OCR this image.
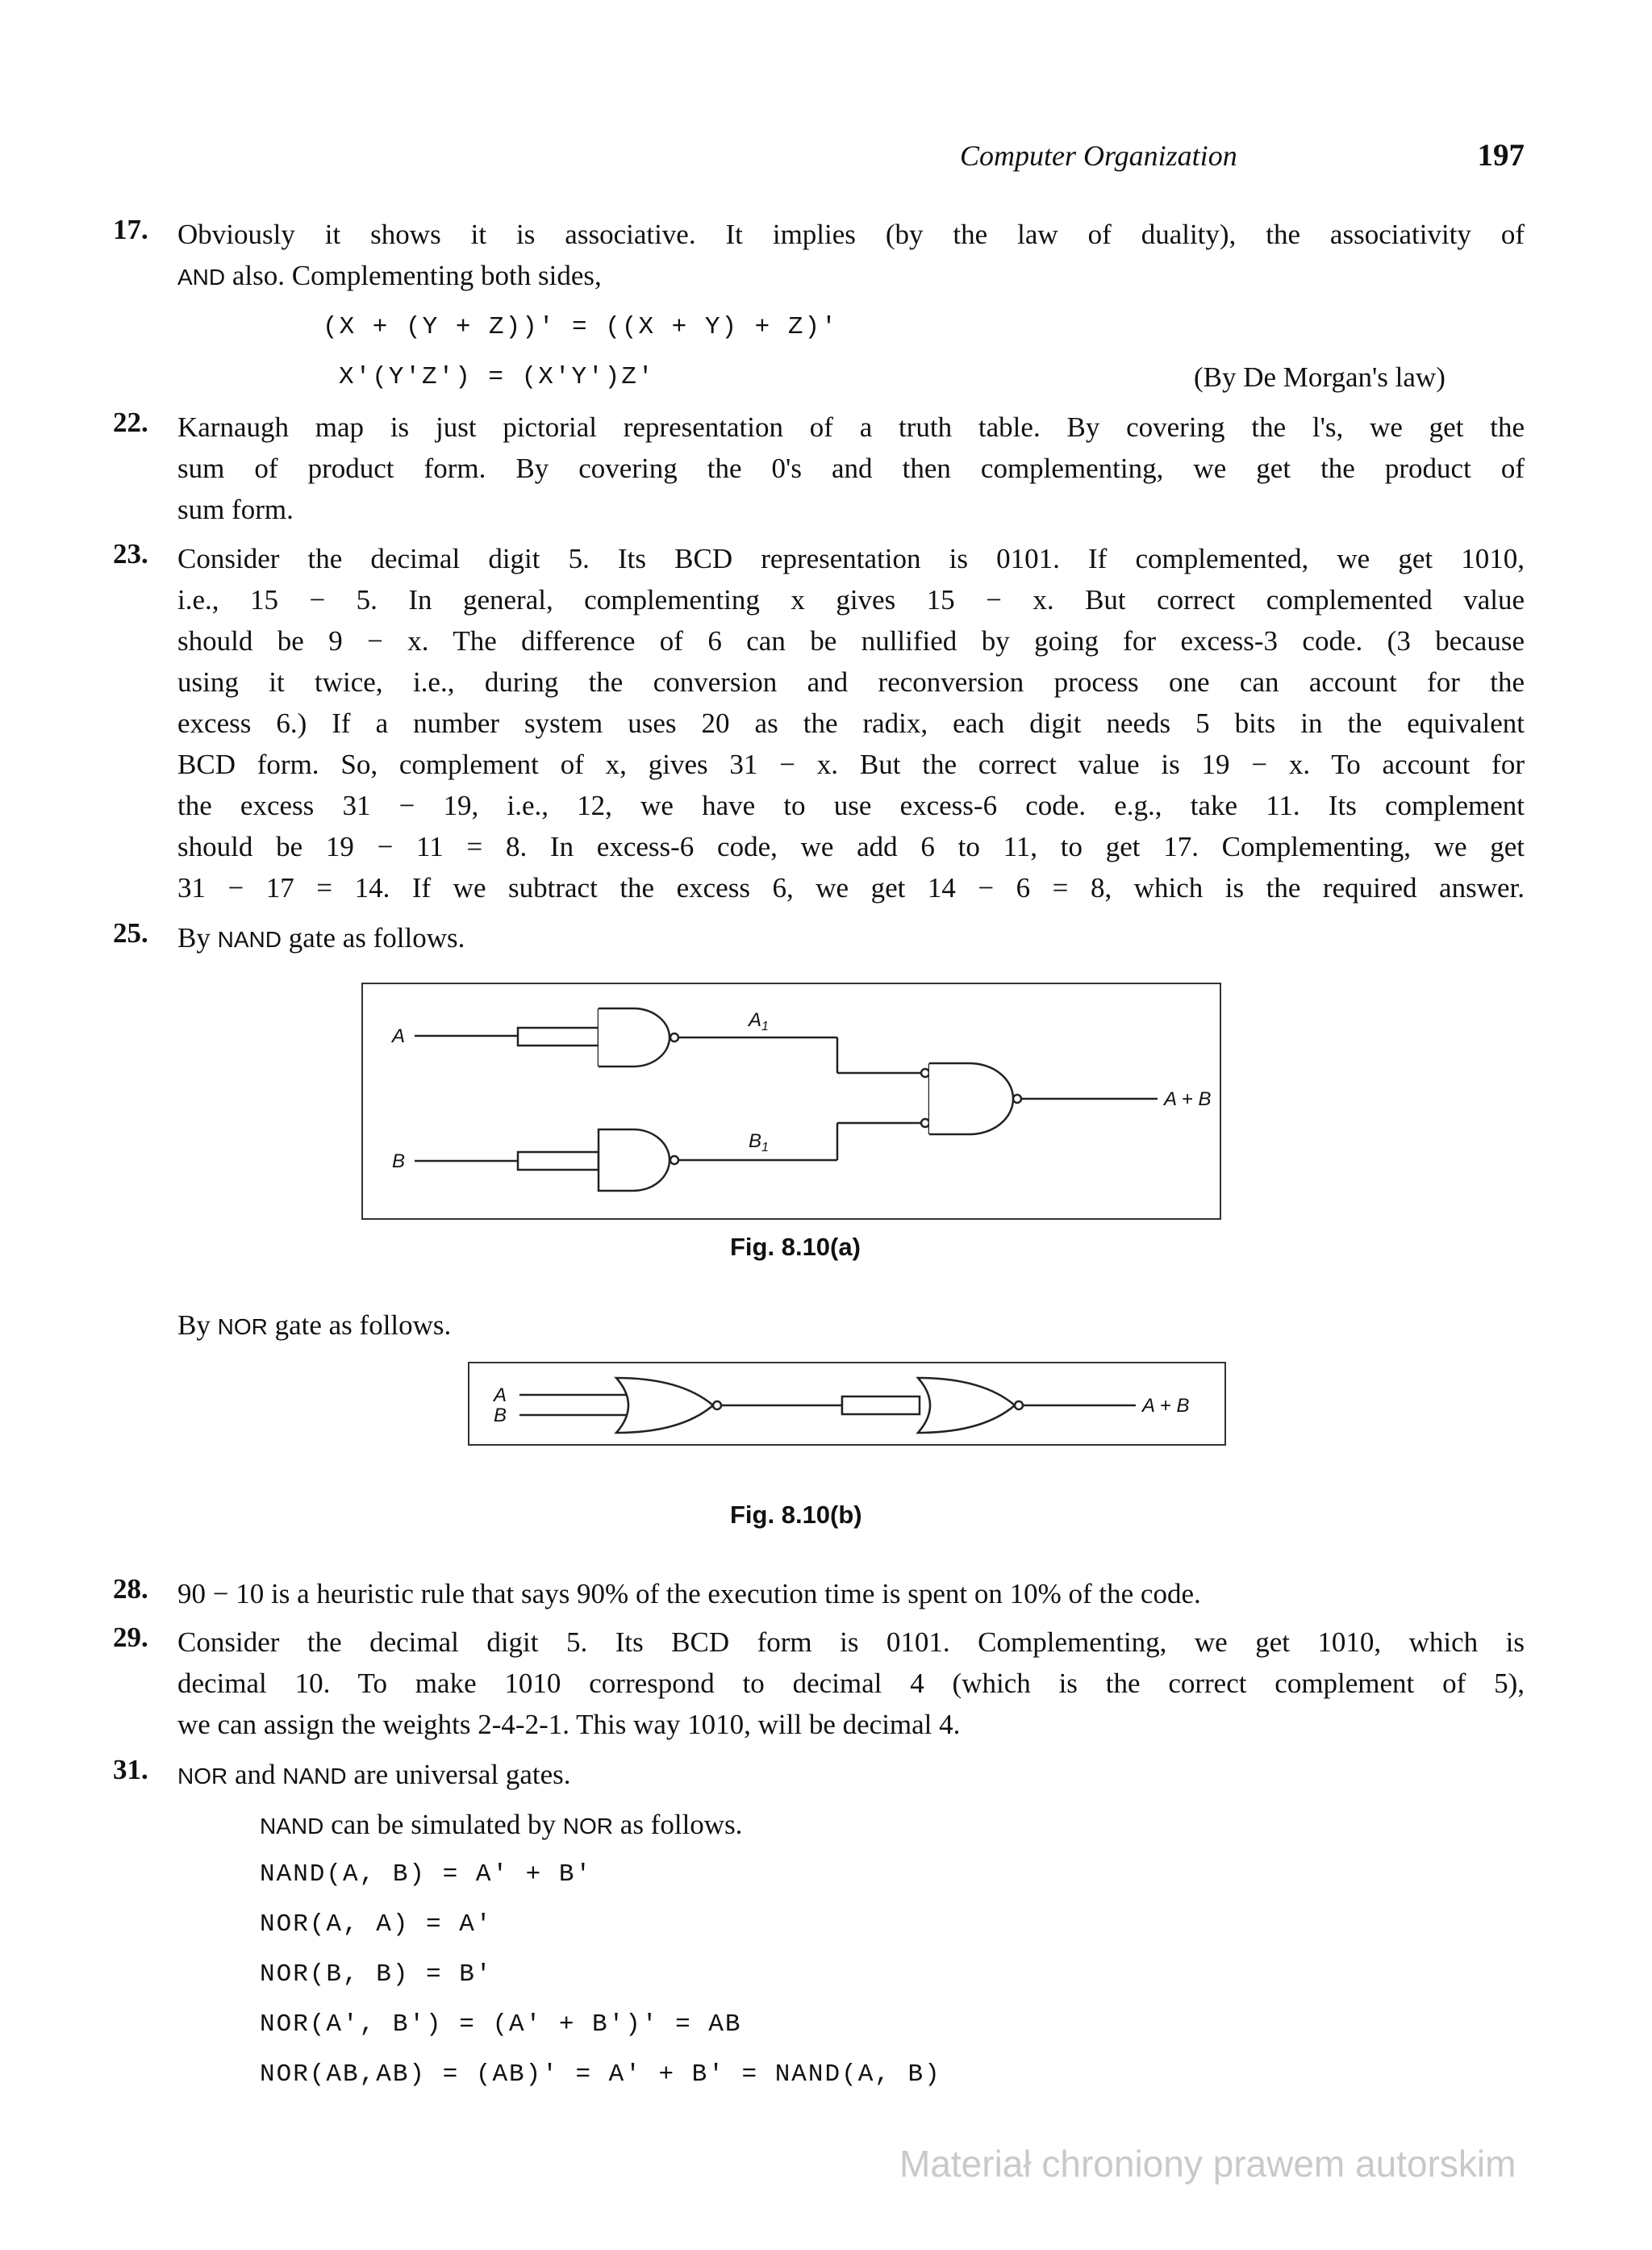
Computer Organization	197
17. Obviously it shows it is associative. It implies (by the law of duality), the associativity of
AND also. Complementing both sides,
(X + (Y + Z))' = ((X + Y) + Z)'
X'(Y'Z') = (X'Y')Z'	(By De Morgan's law)
22. Karnaugh map is just pictorial representation of a truth table. By covering the l's, we get the
sum of product form. By covering the 0's and then complementing, we get the product of
sum form.
23. Consider the decimal digit 5. Its BCD representation is 0101. If complemented, we get 1010,
i.e., 15 − 5. In general, complementing x gives 15 − x. But correct complemented value
should be 9 − x. The difference of 6 can be nullified by going for excess-3 code. (3 because
using it twice, i.e., during the conversion and reconversion process one can account for the
excess 6.) If a number system uses 20 as the radix, each digit needs 5 bits in the equivalent
BCD form. So, complement of x, gives 31 − x. But the correct value is 19 − x. To account for
the excess 31 − 19, i.e., 12, we have to use excess-6 code. e.g., take 11. Its complement
should be 19 − 11 = 8. In excess-6 code, we add 6 to 11, to get 17. Complementing, we get
31 − 17 = 14. If we subtract the excess 6, we get 14 − 6 = 8, which is the required answer.
25. By NAND gate as follows.
A
B
$A_1$
$B_1$
A + B
Fig. 8.10(a)
By NOR gate as follows.
A
B	A + B
Fig. 8.10(b)
28. 90 − 10 is a heuristic rule that says 90% of the execution time is spent on 10% of the code.
29. Consider the decimal digit 5. Its BCD form is 0101. Complementing, we get 1010, which is
decimal 10. To make 1010 correspond to decimal 4 (which is the correct complement of 5),
we can assign the weights 2-4-2-1. This way 1010, will be decimal 4.
31. NOR and NAND are universal gates.
NAND can be simulated by NOR as follows.
NAND(A, B) = A' + B'
NOR(A, A) = A'
NOR(B, B) = B'
NOR(A', B') = (A' + B')' = AB
NOR(AB,AB) = (AB)' = A' + B' = NAND(A, B)
Materiał chroniony prawem autorskim
